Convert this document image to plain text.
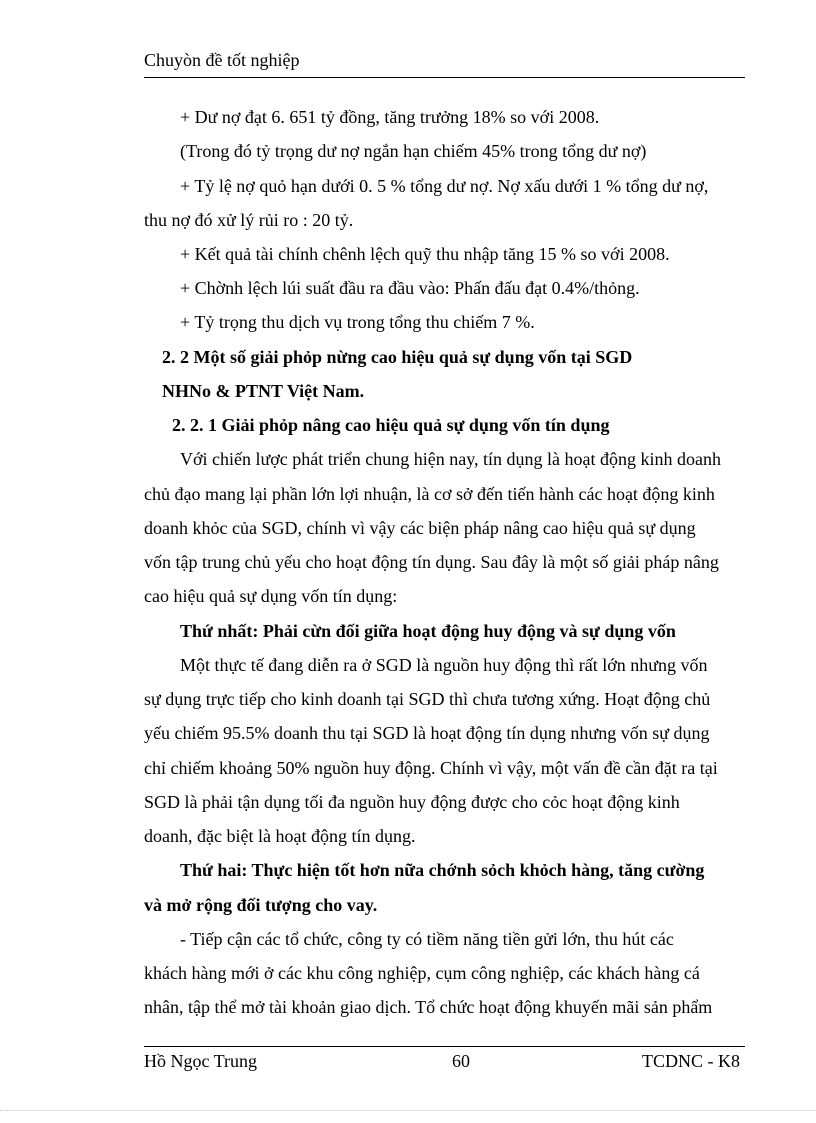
Chuyòn đề tốt nghiệp
+ Dư nợ đạt 6. 651 tỷ đồng, tăng trưởng 18% so với 2008.
(Trong đó tỷ trọng dư nợ ngắn hạn chiếm 45% trong tổng dư nợ)
+ Tỷ lệ nợ quỏ hạn dưới 0. 5 % tổng dư nợ. Nợ xấu dưới 1 % tổng dư nợ,
thu nợ đó xử lý rủi ro : 20 tỷ.
+ Kết quả tài chính chênh lệch quỹ thu nhập tăng 15 % so với 2008.
+ Chờnh lệch lúi suất đầu ra đầu vào: Phấn đấu đạt 0.4%/thỏng.
+ Tỷ trọng thu dịch vụ trong tổng thu chiếm 7 %.
2. 2 Một số giải phỏp nừng cao hiệu quả sự dụng vốn tại SGD
NHNo & PTNT Việt Nam.
2. 2. 1 Giải phỏp nâng cao hiệu quả sự dụng vốn tín dụng
Với chiến lược phát triển chung hiện nay, tín dụng là hoạt động kinh doanh
chủ đạo mang lại phần lớn lợi nhuận, là cơ sở đến tiến hành các hoạt động kinh
doanh khỏc của SGD, chính vì vậy các biện pháp nâng cao hiệu quả sự dụng
vốn tập trung chủ yếu cho hoạt động tín dụng. Sau đây là một số giải pháp nâng
cao hiệu quả sự dụng vốn tín dụng:
Thứ nhất: Phải cừn đối giữa hoạt động huy động và sự dụng vốn
Một thực tế đang diễn ra ở SGD là nguồn huy động thì rất lớn nhưng vốn
sự dụng trực tiếp cho kinh doanh tại SGD thì chưa tương xứng. Hoạt động chủ
yếu chiếm 95.5% doanh thu tại SGD là hoạt động tín dụng nhưng vốn sự dụng
chỉ chiếm khoảng 50% nguồn huy động. Chính vì vậy, một vấn đề cần đặt ra tại
SGD là phải tận dụng tối đa nguồn huy động được cho cỏc hoạt động kinh
doanh, đặc biệt là hoạt động tín dụng.
Thứ hai: Thực hiện tốt hơn nữa chớnh sỏch khỏch hàng, tăng cường
và mở rộng đối tượng cho vay.
- Tiếp cận các tổ chức, công ty có tiềm năng tiền gửi lớn, thu hút các
khách hàng mới ở các khu công nghiệp, cụm công nghiệp, các khách hàng cá
nhân, tập thể mở tài khoản giao dịch. Tổ chức hoạt động khuyến mãi sản phẩm
Hồ Ngọc Trung	60	TCDNC - K8
